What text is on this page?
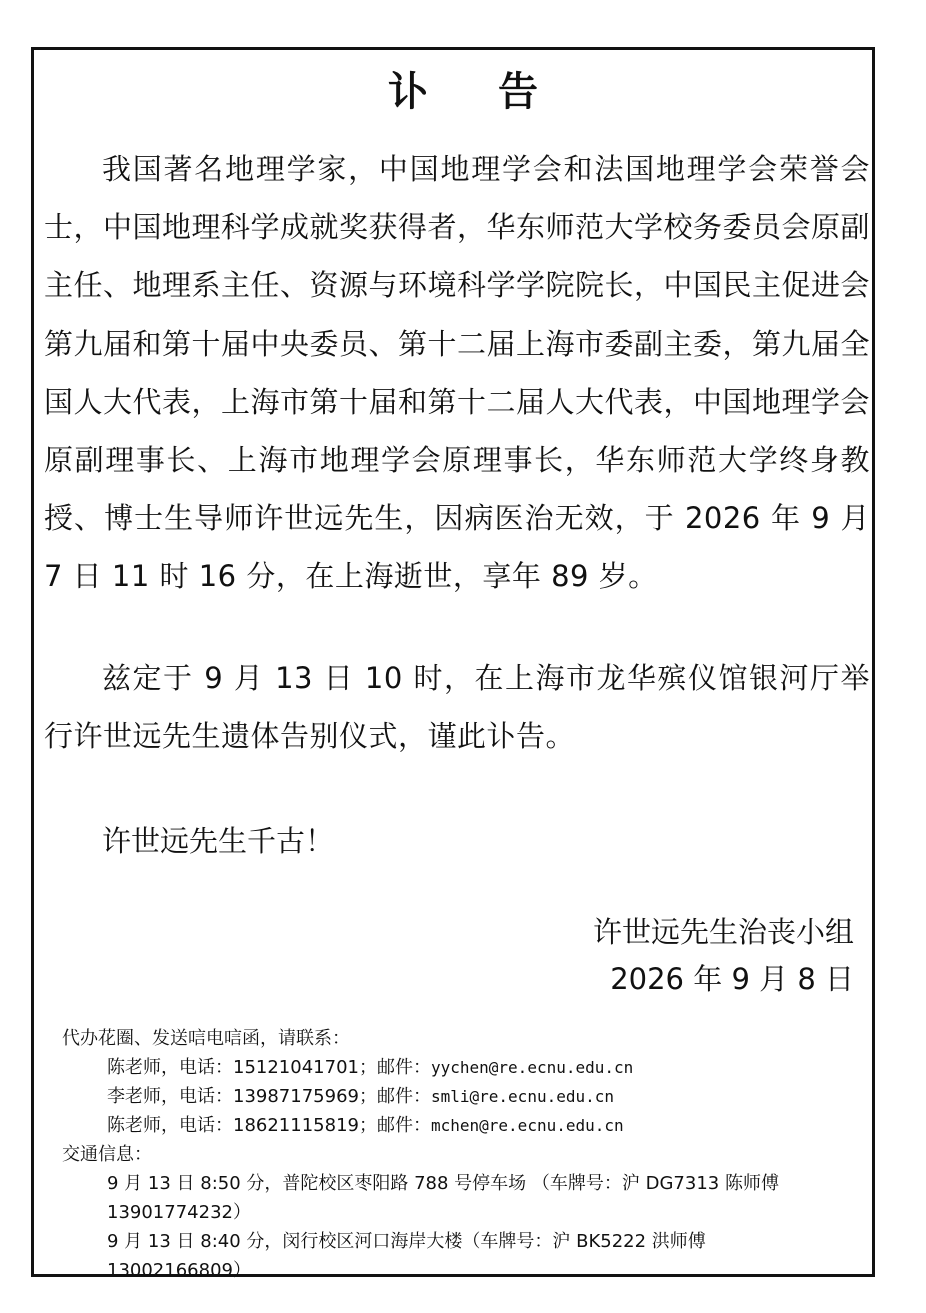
讣 告
我国著名地理学家，中国地理学会和法国地理学会荣誉会士，中国地理科学成就奖获得者，华东师范大学校务委员会原副主任、地理系主任、资源与环境科学学院院长，中国民主促进会第九届和第十届中央委员、第十二届上海市委副主委，第九届全国人大代表，上海市第十届和第十二届人大代表，中国地理学会原副理事长、上海市地理学会原理事长，华东师范大学终身教授、博士生导师许世远先生，因病医治无效，于 2026 年 9 月 7 日 11 时 16 分，在上海逝世，享年 89 岁。
兹定于 9 月 13 日 10 时，在上海市龙华殡仪馆银河厅举行许世远先生遗体告别仪式，谨此讣告。
许世远先生千古！
许世远先生治丧小组
2026 年 9 月 8 日
代办花圈、发送唁电唁函，请联系：
陈老师，电话：15121041701；邮件：yychen@re.ecnu.edu.cn
李老师，电话：13987175969；邮件：smli@re.ecnu.edu.cn
陈老师，电话：18621115819；邮件：mchen@re.ecnu.edu.cn
交通信息：
9 月 13 日 8:50 分，普陀校区枣阳路 788 号停车场 （车牌号：沪 DG7313 陈师傅 13901774232）
9 月 13 日 8:40 分，闵行校区河口海岸大楼（车牌号：沪 BK5222 洪师傅 13002166809）
